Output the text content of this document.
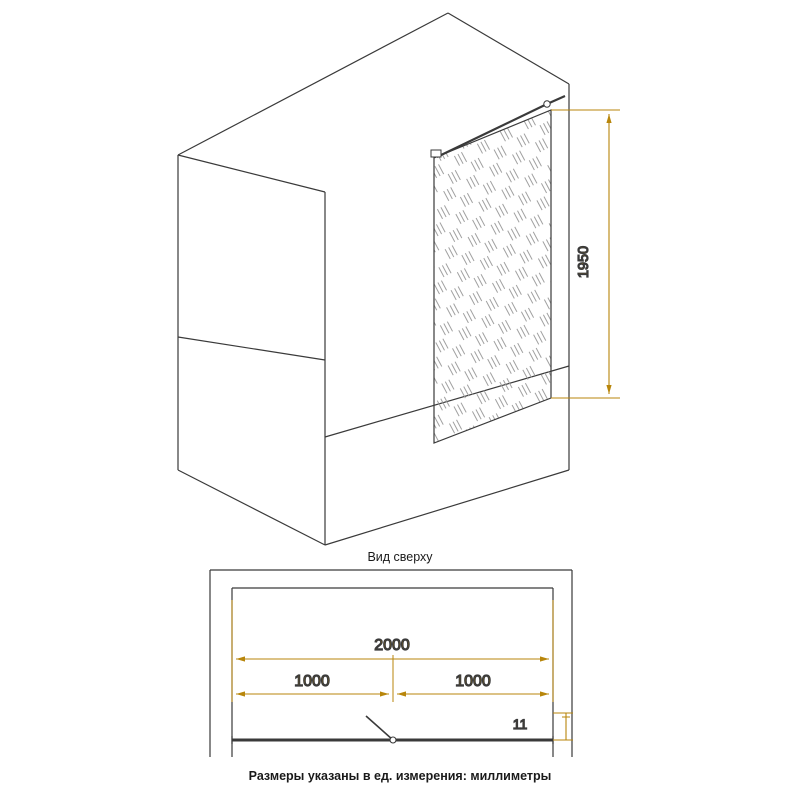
1950
2000
1000	1000
11
Вид сверху
Размеры указаны в ед. измерения: миллиметры
